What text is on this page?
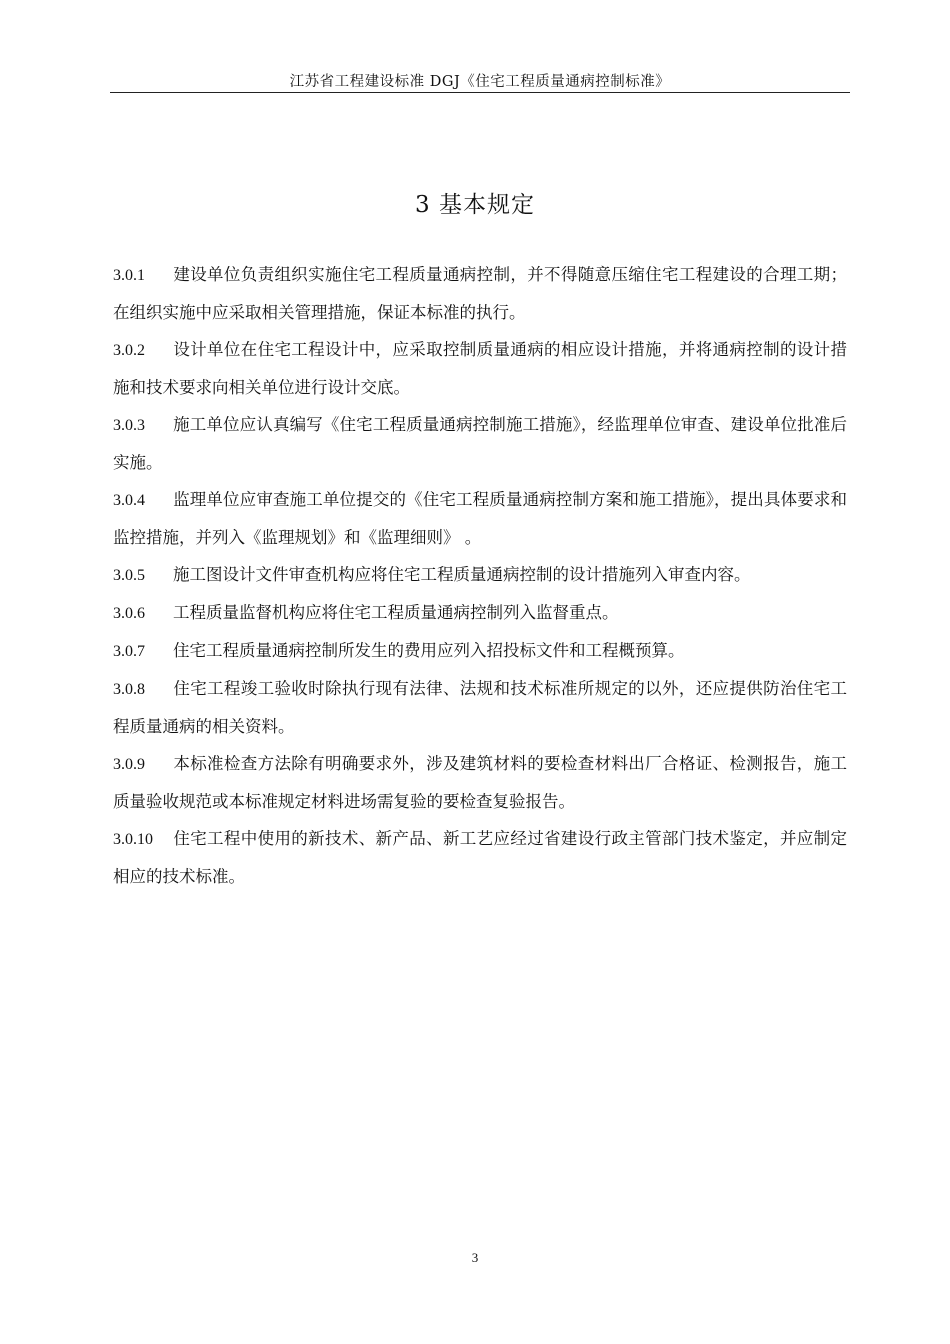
江苏省工程建设标准 DGJ《住宅工程质量通病控制标准》
3 基本规定

3.0.1 建设单位负责组织实施住宅工程质量通病控制，并不得随意压缩住宅工程建设的合理工期；在组织实施中应采取相关管理措施，保证本标准的执行。

3.0.2 设计单位在住宅工程设计中，应采取控制质量通病的相应设计措施，并将通病控制的设计措施和技术要求向相关单位进行设计交底。

3.0.3 施工单位应认真编写《住宅工程质量通病控制施工措施》，经监理单位审查、建设单位批准后实施。

3.0.4 监理单位应审查施工单位提交的《住宅工程质量通病控制方案和施工措施》，提出具体要求和监控措施，并列入《监理规划》和《监理细则》 。

3.0.5 施工图设计文件审查机构应将住宅工程质量通病控制的设计措施列入审查内容。

3.0.6 工程质量监督机构应将住宅工程质量通病控制列入监督重点。

3.0.7 住宅工程质量通病控制所发生的费用应列入招投标文件和工程概预算。

3.0.8 住宅工程竣工验收时除执行现有法律、法规和技术标准所规定的以外，还应提供防治住宅工程质量通病的相关资料。

3.0.9 本标准检查方法除有明确要求外，涉及建筑材料的要检查材料出厂合格证、检测报告，施工质量验收规范或本标准规定材料进场需复验的要检查复验报告。

3.0.10 住宅工程中使用的新技术、新产品、新工艺应经过省建设行政主管部门技术鉴定，并应制定相应的技术标准。

3
